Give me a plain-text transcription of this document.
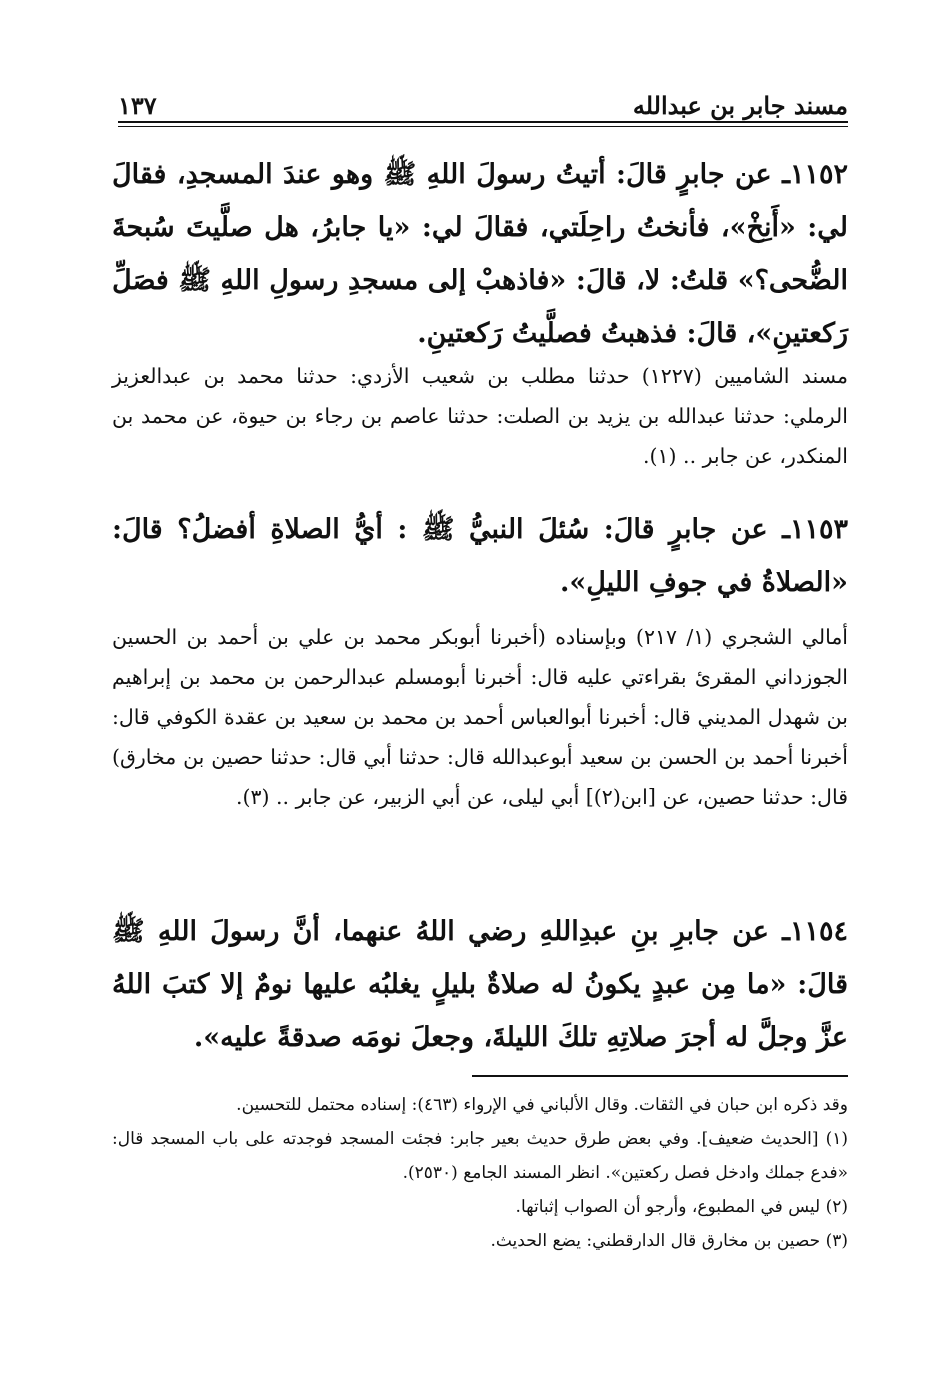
مسند جابر بن عبدالله
١٣٧

١١٥٢ـ عن جابرٍ قالَ: أتيتُ رسولَ اللهِ ﷺ وهو عندَ المسجدِ، فقالَ لي: «أَنِخْ»، فأنختُ راحِلَتي، فقالَ لي: «يا جابرُ، هل صلَّيتَ سُبحةَ الضُّحى؟» قلتُ: لا، قالَ: «فاذهبْ إلى مسجدِ رسولِ اللهِ ﷺ فصَلِّ رَكعتينِ»، قالَ: فذهبتُ فصلَّيتُ رَكعتينِ.

مسند الشاميين (١٢٢٧) حدثنا مطلب بن شعيب الأزدي: حدثنا محمد بن عبدالعزيز الرملي: حدثنا عبدالله بن يزيد بن الصلت: حدثنا عاصم بن رجاء بن حيوة، عن محمد بن المنكدر، عن جابر .. (١).

١١٥٣ـ عن جابرٍ قالَ: سُئلَ النبيُّ ﷺ : أيُّ الصلاةِ أفضلُ؟ قالَ: «الصلاةُ في جوفِ الليلِ».

أمالي الشجري (١/ ٢١٧) وبإسناده (أخبرنا أبوبكر محمد بن علي بن أحمد بن الحسين الجوزداني المقرئ بقراءتي عليه قال: أخبرنا أبومسلم عبدالرحمن بن محمد بن إبراهيم بن شهدل المديني قال: أخبرنا أبوالعباس أحمد بن محمد بن سعيد بن عقدة الكوفي قال: أخبرنا أحمد بن الحسن بن سعيد أبوعبدالله قال: حدثنا أبي قال: حدثنا حصين بن مخارق) قال: حدثنا حصين، عن [ابن(٢)] أبي ليلى، عن أبي الزبير، عن جابر .. (٣).

١١٥٤ـ عن جابرِ بنِ عبدِاللهِ رضي اللهُ عنهما، أنَّ رسولَ اللهِ ﷺ قالَ: «ما مِن عبدٍ يكونُ له صلاةٌ بليلٍ يغلبُه عليها نومٌ إلا كتبَ اللهُ عزَّ وجلَّ له أجرَ صلاتِهِ تلكَ الليلةَ، وجعلَ نومَه صدقةً عليه».

وقد ذكره ابن حبان في الثقات. وقال الألباني في الإرواء (٤٦٣): إسناده محتمل للتحسين.

(١) [الحديث ضعيف]. وفي بعض طرق حديث بعير جابر: فجئت المسجد فوجدته على باب المسجد قال: «فدع جملك وادخل فصل ركعتين». انظر المسند الجامع (٢٥٣٠).

(٢) ليس في المطبوع، وأرجو أن الصواب إثباتها.

(٣) حصين بن مخارق قال الدارقطني: يضع الحديث.
